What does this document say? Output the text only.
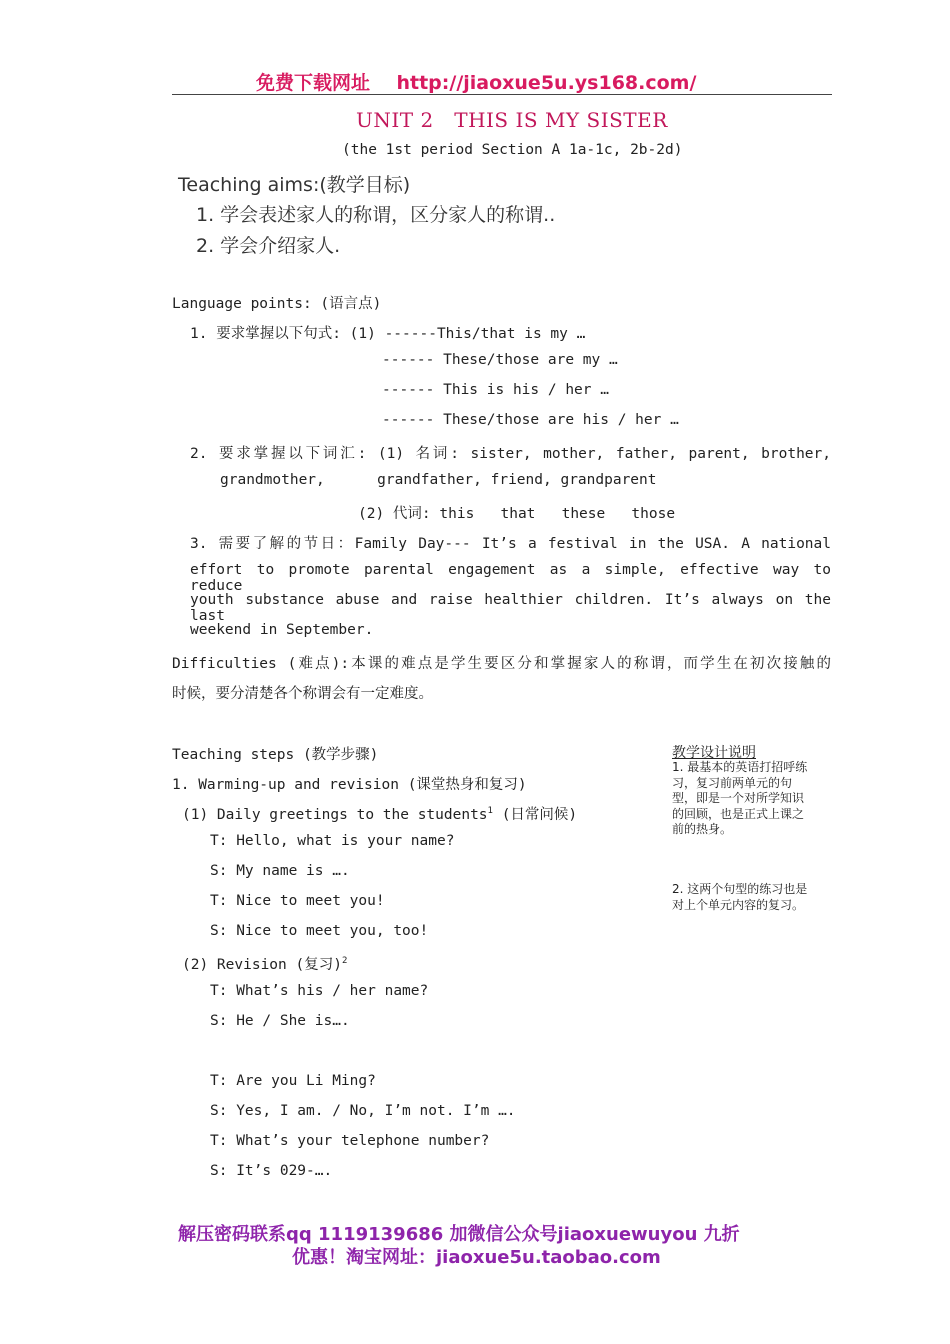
免费下载网址 http://jiaoxue5u.ys168.com/
UNIT 2   THIS IS MY SISTER
(the 1st period Section A 1a-1c, 2b-2d)
Teaching aims:(教学目标)
1. 学会表述家人的称谓，区分家人的称谓..
2. 学会介绍家人.
Language points: (语言点)
1. 要求掌握以下句式: (1) ------This/that is my …
------ These/those are my …
------ This is his / her …
------ These/those are his / her …
2. 要求掌握以下词汇: (1) 名词: sister, mother, father, parent, brother,
grandmother,      grandfather, friend, grandparent
(2) 代词: this   that   these   those
3. 需要了解的节日：Family Day--- It’s a festival in the USA. A national
effort to promote parental engagement as a simple, effective way to reduce
youth substance abuse and raise healthier children. It’s always on the last
weekend in September.
Difficulties (难点):本课的难点是学生要区分和掌握家人的称谓，而学生在初次接触的
时候，要分清楚各个称谓会有一定难度。
Teaching steps (教学步骤)
1. Warming-up and revision (课堂热身和复习)
(1) Daily greetings to the students$^1$ (日常问候)
T: Hello, what is your name?
S: My name is ….
T: Nice to meet you!
S: Nice to meet you, too!
(2) Revision (复习)$^2$
T: What’s his / her name?
S: He / She is….
T: Are you Li Ming?
S: Yes, I am. / No, I’m not. I’m ….
T: What’s your telephone number?
S: It’s 029-….
教学设计说明
1. 最基本的英语打招呼练习，复习前两单元的句型，即是一个对所学知识的回顾，也是正式上课之前的热身。
2. 这两个句型的练习也是对上个单元内容的复习。
解压密码联系qq 1119139686 加微信公众号jiaoxuewuyou 九折
优惠！淘宝网址：jiaoxue5u.taobao.com
